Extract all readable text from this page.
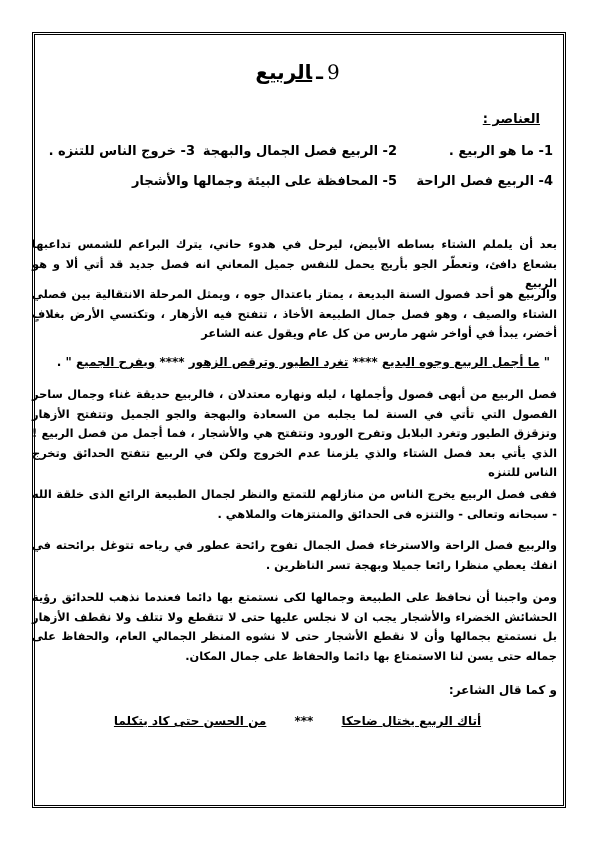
9ـالربيع
العناصر :
1- ما هو الربيع .
2- الربيع فصل الجمال والبهجة
3- خروج الناس للتنزه .
4- الربيع فصل الراحة
5- المحافظة على البيئة وجمالها والأشجار
بعد أن يلملم الشتاء بساطه الأبيض، ليرحل في هدوء حاني، يترك البراعم للشمس تداعبها بشعاع دافئ، وتعطّر الجو بأريج يحمل للنفس جميل المعاني انه فصل جديد قد أتي ألا و هو الربيع
والربيع هو أحد فصول السنة البديعة ، يمتاز باعتدال جوه ، ويمثل المرحلة الانتقالية بين فصلي الشتاء والصيف ، وهو فصل جمال الطبيعة الأخاذ ، تتفتح فيه الأزهار ، وتكتسي الأرض بغلافٍ أخضر، يبدأ في أواخر شهر مارس من كل عام ويقول عنه الشاعر
" ما أجمل الربيع وجوه البديع **** تغرد الطيور وترقص الزهور **** ويفرح الجميع " .
فصل الربيع من أبهى فصول وأجملها ، ليله ونهاره معتدلان ، فالربيع حديقة غناء وجمال ساحر الفصول التي تأتي في السنة لما يجلبه من السعادة والبهجة والجو الجميل وتتفتح الأزهار وتزقزق الطيور وتغرد البلابل وتفرح الورود وتتفتح هي والأشجار ، فما أجمل من فصل الربيع ! الذي يأتي بعد فصل الشتاء والذي يلزمنا عدم الخروج ولكن في الربيع تتفتح الحدائق وتخرج الناس للتنزه
ففى فصل الربيع يخرج الناس من منازلهم للتمتع والنظر لجمال الطبيعة الرائع الذى خلقة الله - سبحانه وتعالى - والتنزه فى الحدائق والمنتزهات والملاهي .
والربيع فصل الراحة والاسترخاء فصل الجمال تفوح رائحة عطور في رياحه تتوغل برائحته في انفك يعطي منظرا رائعا جميلا وبهجة تسر الناظرين .
ومن واجبنا أن نحافظ على الطبيعة وجمالها لكى نستمتع بها دائما فعندما نذهب للحدائق رؤية الحشائش الخضراء والأشجار يجب ان لا نجلس عليها حتى لا تتقطع ولا تتلف ولا نقطف الأزهار بل نستمتع بجمالها وأن لا نقطع الأشجار حتى لا نشوه المنظر الجمالي العام، والحفاظ على جماله حتى يسن لنا الاستمتاع بها دائما والحفاظ على جمال المكان.
و كما قال الشاعر:
أتاك الربيع يختال ضاحكا *** من الحسن حتى كاد يتكلما
